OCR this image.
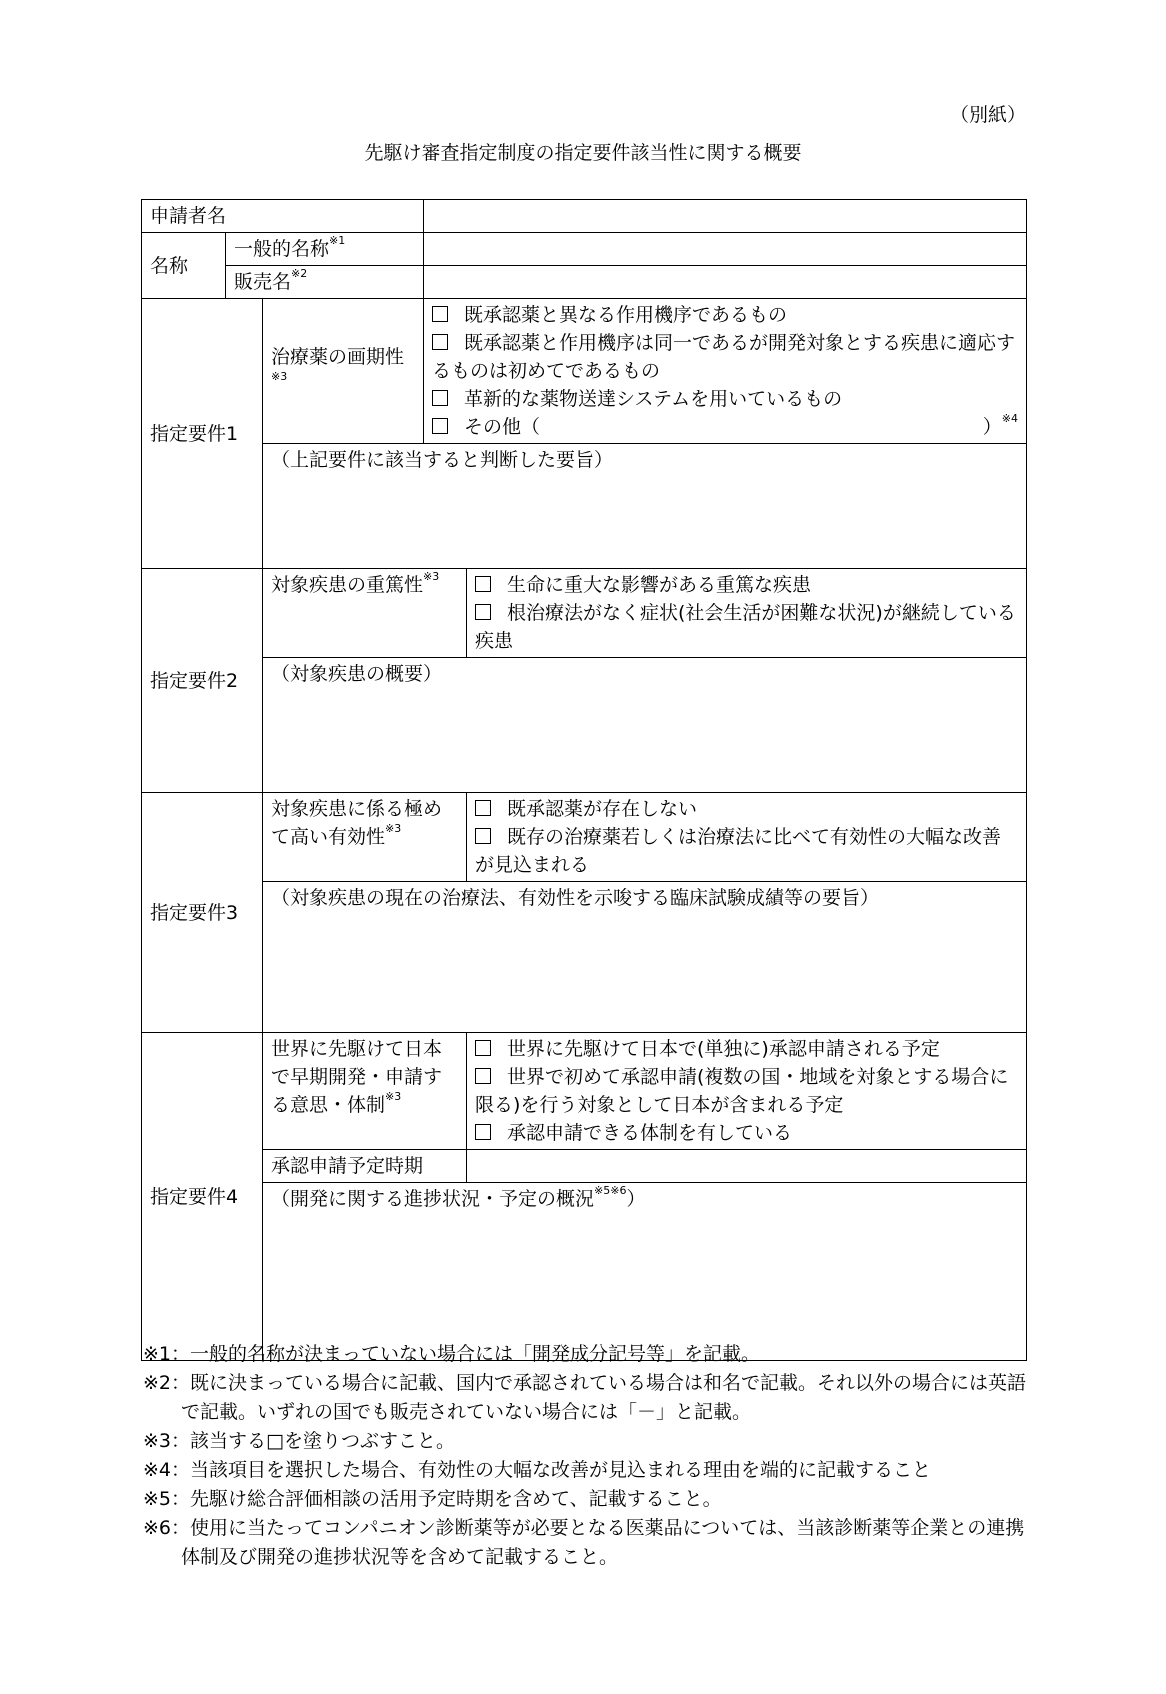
（別紙）
先駆け審査指定制度の指定要件該当性に関する概要
申請者名				
名称	一般的名称$^{※1}$	
	販売名$^{※2}$	
指定要件1		治療薬の画期性$^{※3}$	既承認薬と異なる作用機序であるもの
既承認薬と作用機序は同一であるが開発対象とする疾患に適応するものは初めてであるもの
革新的な薬物送達システムを用いているもの
その他（ ）$^{※4}$

		（上記要件に該当すると判断した要旨）		
指定要件2		対象疾患の重篤性$^{※3}$		生命に重大な影響がある重篤な疾患
根治療法がなく症状(社会生活が困難な状況)が継続している疾患

		（対象疾患の概要）		
指定要件3		対象疾患に係る極めて高い有効性$^{※3}$		既承認薬が存在しない
既存の治療薬若しくは治療法に比べて有効性の大幅な改善が見込まれる

		（対象疾患の現在の治療法、有効性を示唆する臨床試験成績等の要旨）		
指定要件4		世界に先駆けて日本で早期開発・申請する意思・体制$^{※3}$		世界に先駆けて日本で(単独に)承認申請される予定
世界で初めて承認申請(複数の国・地域を対象とする場合に限る)を行う対象として日本が含まれる予定
承認申請できる体制を有している

		承認申請予定時期		
		（開発に関する進捗状況・予定の概況$^{※5※6}$）		
※1：一般的名称が決まっていない場合には「開発成分記号等」を記載。
※2：既に決まっている場合に記載、国内で承認されている場合は和名で記載。それ以外の場合には英語で記載。いずれの国でも販売されていない場合には「－」と記載。
※3：該当する□を塗りつぶすこと。
※4：当該項目を選択した場合、有効性の大幅な改善が見込まれる理由を端的に記載すること
※5：先駆け総合評価相談の活用予定時期を含めて、記載すること。
※6：使用に当たってコンパニオン診断薬等が必要となる医薬品については、当該診断薬等企業との連携体制及び開発の進捗状況等を含めて記載すること。
